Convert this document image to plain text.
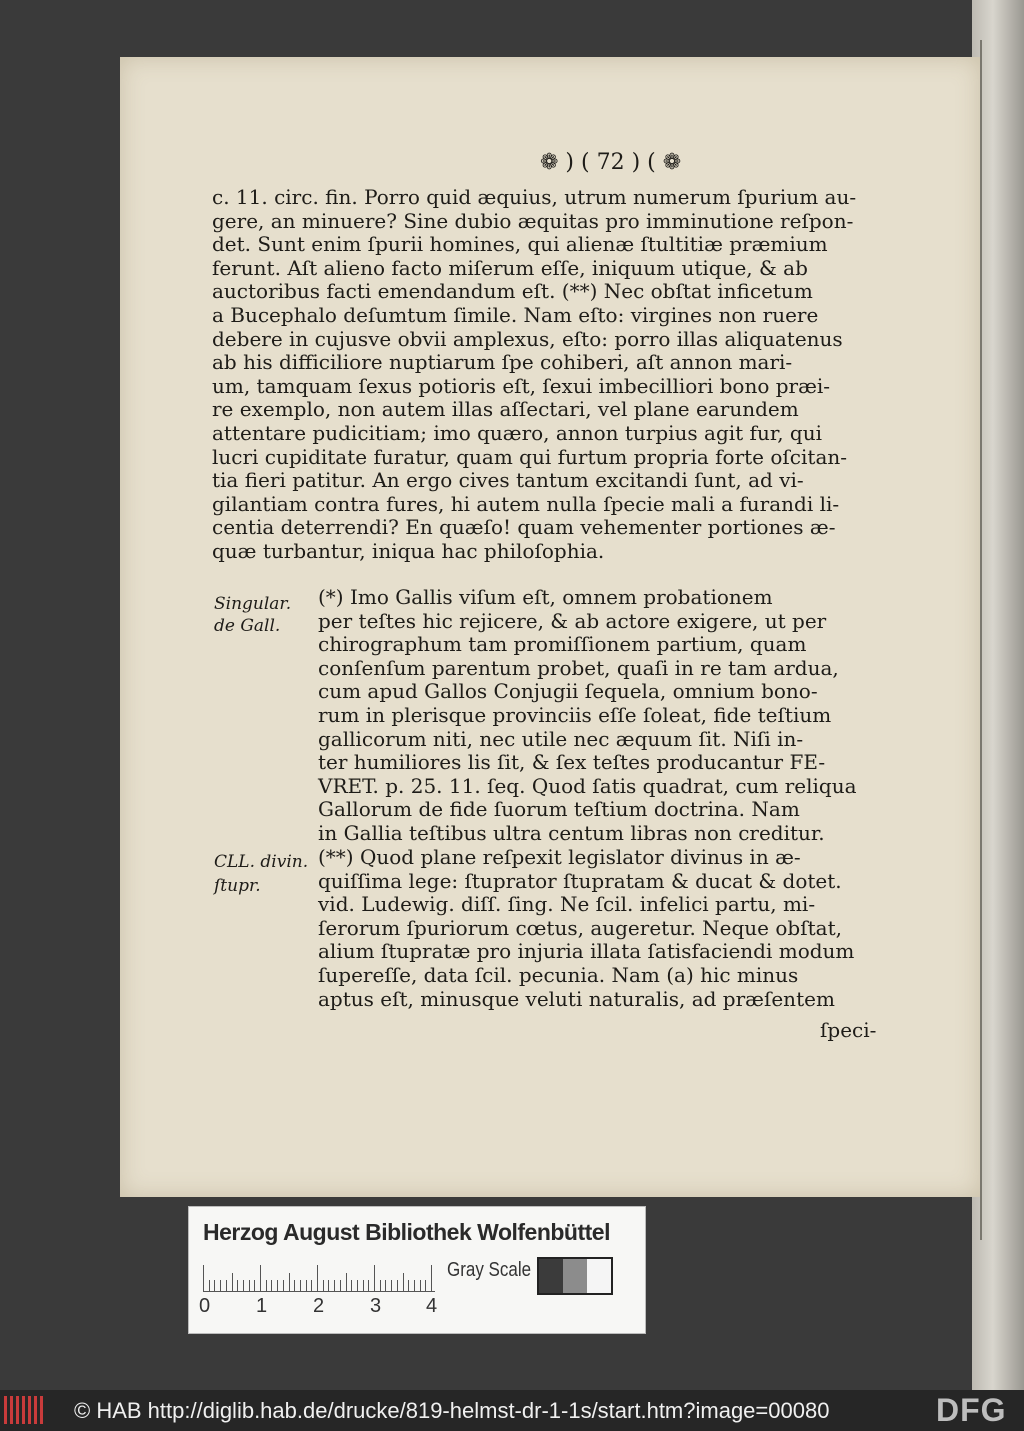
❁ ) ( 72 ) ( ❁
c. 11. circ. fin. Porro quid æquius, utrum numerum ſpurium au-
gere, an minuere? Sine dubio æquitas pro imminutione reſpon-
det. Sunt enim ſpurii homines, qui alienæ ſtultitiæ præmium
ferunt. Aſt alieno facto miſerum eſſe, iniquum utique, & ab
auctoribus facti emendandum eſt. (**) Nec obſtat inficetum
a Bucephalo deſumtum ſimile. Nam eſto: virgines non ruere
debere in cujusve obvii amplexus, eſto: porro illas aliquatenus
ab his difficiliore nuptiarum ſpe cohiberi, aſt annon mari-
um, tamquam ſexus potioris eſt, ſexui imbecilliori bono præi-
re exemplo, non autem illas aſſectari, vel plane earundem
attentare pudicitiam; imo quæro, annon turpius agit fur, qui
lucri cupiditate furatur, quam qui furtum propria forte oſcitan-
tia fieri patitur. An ergo cives tantum excitandi ſunt, ad vi-
gilantiam contra fures, hi autem nulla ſpecie mali a furandi li-
centia deterrendi? En quæſo! quam vehementer portiones æ-
quæ turbantur, iniqua hac philoſophia.
Singular.
de Gall.
(*) Imo Gallis viſum eſt, omnem probationem
per teſtes hic rejicere, & ab actore exigere, ut per
chirographum tam promiſſionem partium, quam
conſenſum parentum probet, quaſi in re tam ardua,
cum apud Gallos Conjugii ſequela, omnium bono-
rum in plerisque provinciis eſſe ſoleat, fide teſtium
gallicorum niti, nec utile nec æquum ſit. Niſi in-
ter humiliores lis ſit, & ſex teſtes producantur FE-
VRET. p. 25. 11. ſeq. Quod ſatis quadrat, cum reliqua
Gallorum de fide ſuorum teſtium doctrina. Nam
in Gallia teſtibus ultra centum libras non creditur.
CLL. divin.
ſtupr.
(**) Quod plane reſpexit legislator divinus in æ-
quiſſima lege: ſtuprator ſtupratam & ducat & dotet.
vid. Ludewig. diſſ. ſing. Ne ſcil. infelici partu, mi-
ſerorum ſpuriorum cœtus, augeretur. Neque obſtat,
alium ſtupratæ pro injuria illata ſatisfaciendi modum
ſupereſſe, data ſcil. pecunia. Nam (a) hic minus
aptus eſt, minusque veluti naturalis, ad præſentem
ſpeci-
Herzog August Bibliothek Wolfenbüttel
0 1 2 3 4
Gray Scale
© HAB http://diglib.hab.de/drucke/819-helmst-dr-1-1s/start.htm?image=00080	DFG
